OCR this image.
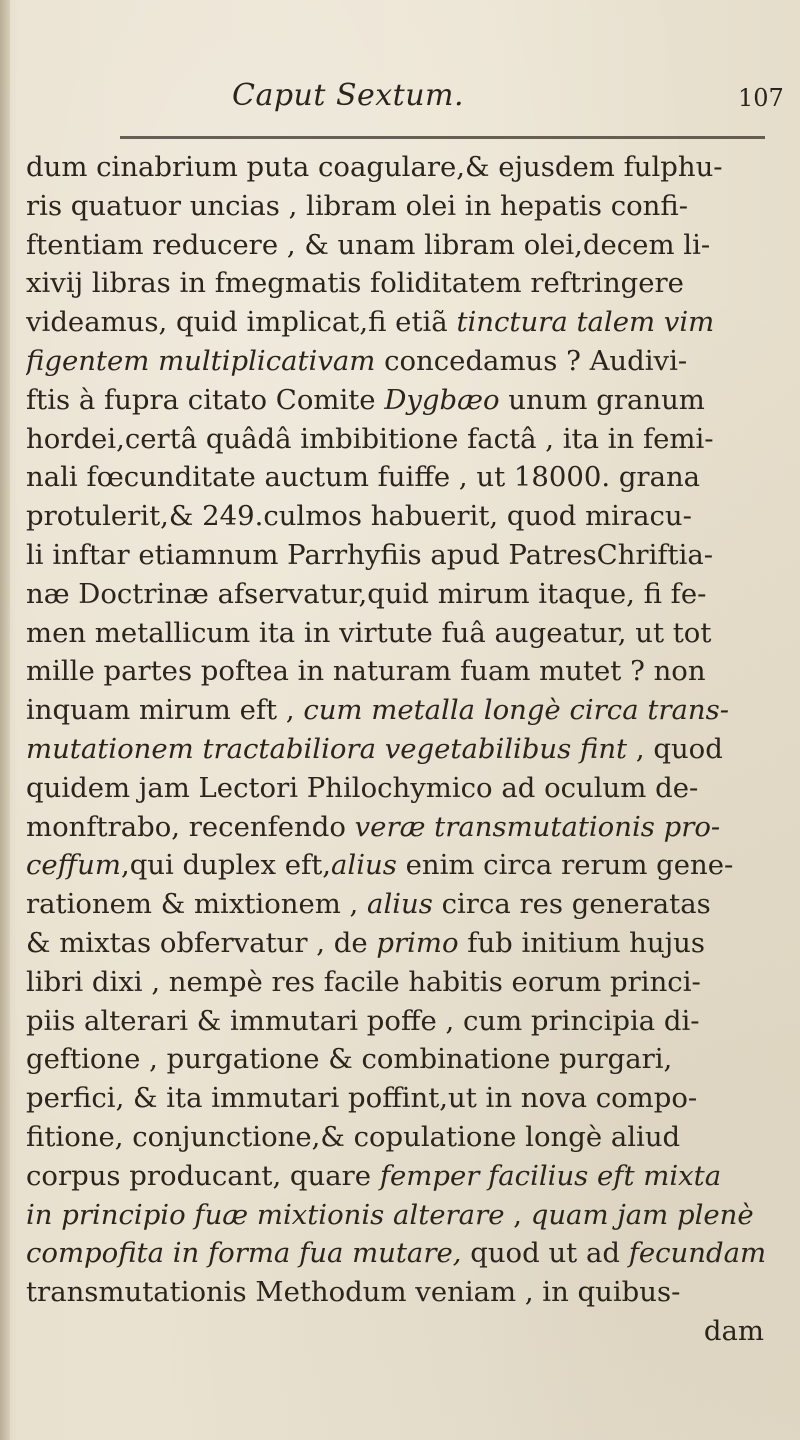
Caput Sextum.	107
dum cinabrium puta coagulare,& ejusdem fulphu-
ris quatuor uncias , libram olei in hepatis confi-
ftentiam reducere , & unam libram olei,decem li-
xivij libras in fmegmatis foliditatem reftringere
videamus, quid implicat,fi etiã tinctura talem vim
figentem multiplicativam concedamus ? Audivi-
ftis à fupra citato Comite Dygbæo unum granum
hordei,certâ quâdâ imbibitione factâ , ita in femi-
nali fœcunditate auctum fuiffe , ut 18000. grana
protulerit,& 249.culmos habuerit, quod miracu-
li inftar etiamnum Parrhyfiis apud PatresChriftia-
næ Doctrinæ afservatur,quid mirum itaque, fi fe-
men metallicum ita in virtute fuâ augeatur, ut tot
mille partes poftea in naturam fuam mutet ? non
inquam mirum eft , cum metalla longè circa trans-
mutationem tractabiliora vegetabilibus fint , quod
quidem jam Lectori Philochymico ad oculum de-
monftrabo, recenfendo veræ transmutationis pro-
ceffum,qui duplex eft,alius enim circa rerum gene-
rationem & mixtionem , alius circa res generatas
& mixtas obfervatur , de primo fub initium hujus
libri dixi , nempè res facile habitis eorum princi-
piis alterari & immutari poffe , cum principia di-
geftione , purgatione & combinatione purgari,
perfici, & ita immutari poffint,ut in nova compo-
fitione, conjunctione,& copulatione longè aliud
corpus producant, quare femper facilius eft mixta
in principio fuæ mixtionis alterare , quam jam plenè
compofita in forma fua mutare, quod ut ad fecundam
transmutationis Methodum veniam , in quibus-
dam
